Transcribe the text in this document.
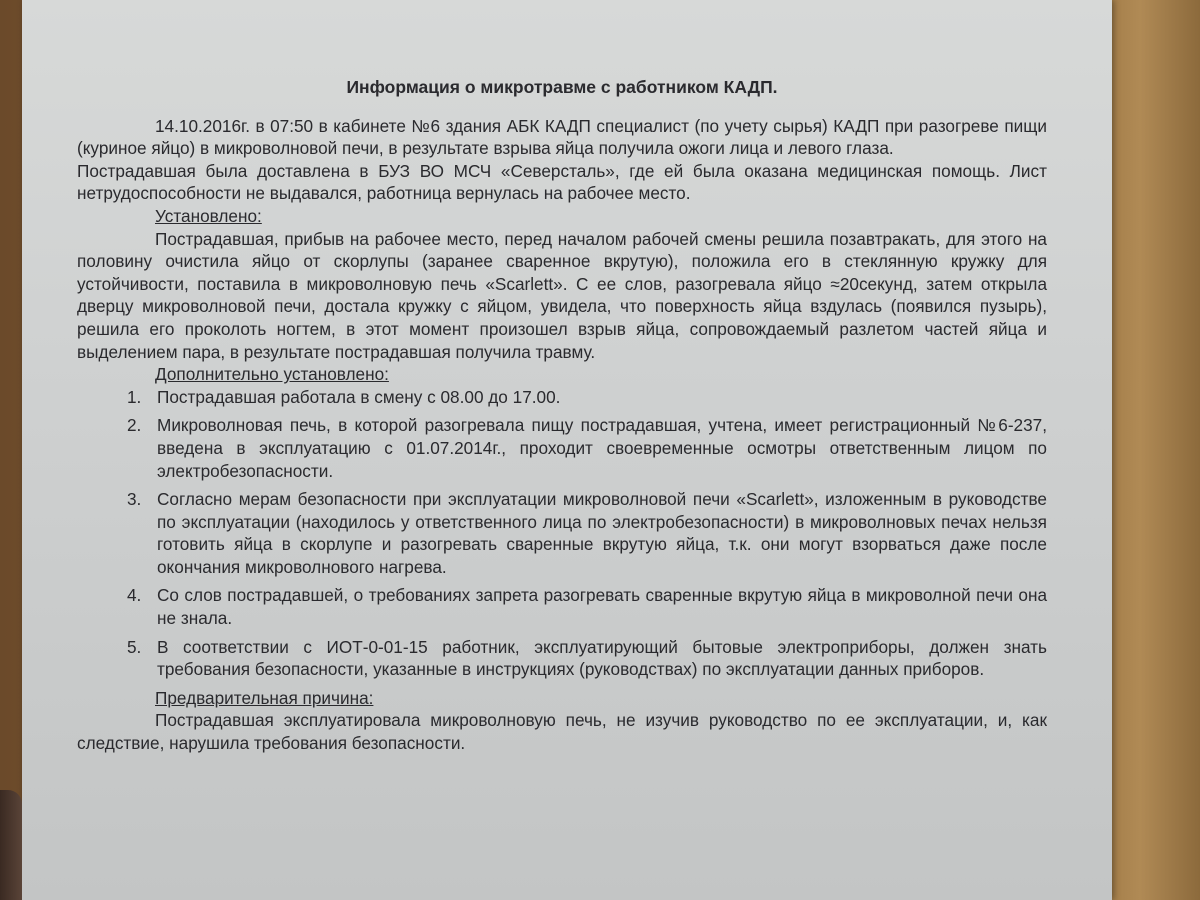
Информация о микротравме с работником КАДП.

14.10.2016г. в 07:50 в кабинете №6 здания АБК КАДП специалист (по учету сырья) КАДП при разогреве пищи (куриное яйцо) в микроволновой печи, в результате взрыва яйца получила ожоги лица и левого глаза.

Пострадавшая была доставлена в БУЗ ВО МСЧ «Северсталь», где ей была оказана медицинская помощь. Лист нетрудоспособности не выдавался, работница вернулась на рабочее место.

Установлено:

Пострадавшая, прибыв на рабочее место, перед началом рабочей смены решила позавтракать, для этого на половину очистила яйцо от скорлупы (заранее сваренное вкрутую), положила его в стеклянную кружку для устойчивости, поставила в микроволновую печь «Scarlett». С ее слов, разогревала яйцо ≈20секунд, затем открыла дверцу микроволновой печи, достала кружку с яйцом, увидела, что поверхность яйца вздулась (появился пузырь), решила его проколоть ногтем, в этот момент произошел взрыв яйца, сопровождаемый разлетом частей яйца и выделением пара, в результате пострадавшая получила травму.

Дополнительно установлено:

1. Пострадавшая работала в смену с 08.00 до 17.00.
2. Микроволновая печь, в которой разогревала пищу пострадавшая, учтена, имеет регистрационный №6-237, введена в эксплуатацию с 01.07.2014г., проходит своевременные осмотры ответственным лицом по электробезопасности.
3. Согласно мерам безопасности при эксплуатации микроволновой печи «Scarlett», изложенным в руководстве по эксплуатации (находилось у ответственного лица по электробезопасности) в микроволновых печах нельзя готовить яйца в скорлупе и разогревать сваренные вкрутую яйца, т.к. они могут взорваться даже после окончания микроволнового нагрева.
4. Со слов пострадавшей, о требованиях запрета разогревать сваренные вкрутую яйца в микроволной печи она не знала.
5. В соответствии с ИОТ-0-01-15 работник, эксплуатирующий бытовые электроприборы, должен знать требования безопасности, указанные в инструкциях (руководствах) по эксплуатации данных приборов.

Предварительная причина:

Пострадавшая эксплуатировала микроволновую печь, не изучив руководство по ее эксплуатации, и, как следствие, нарушила требования безопасности.
